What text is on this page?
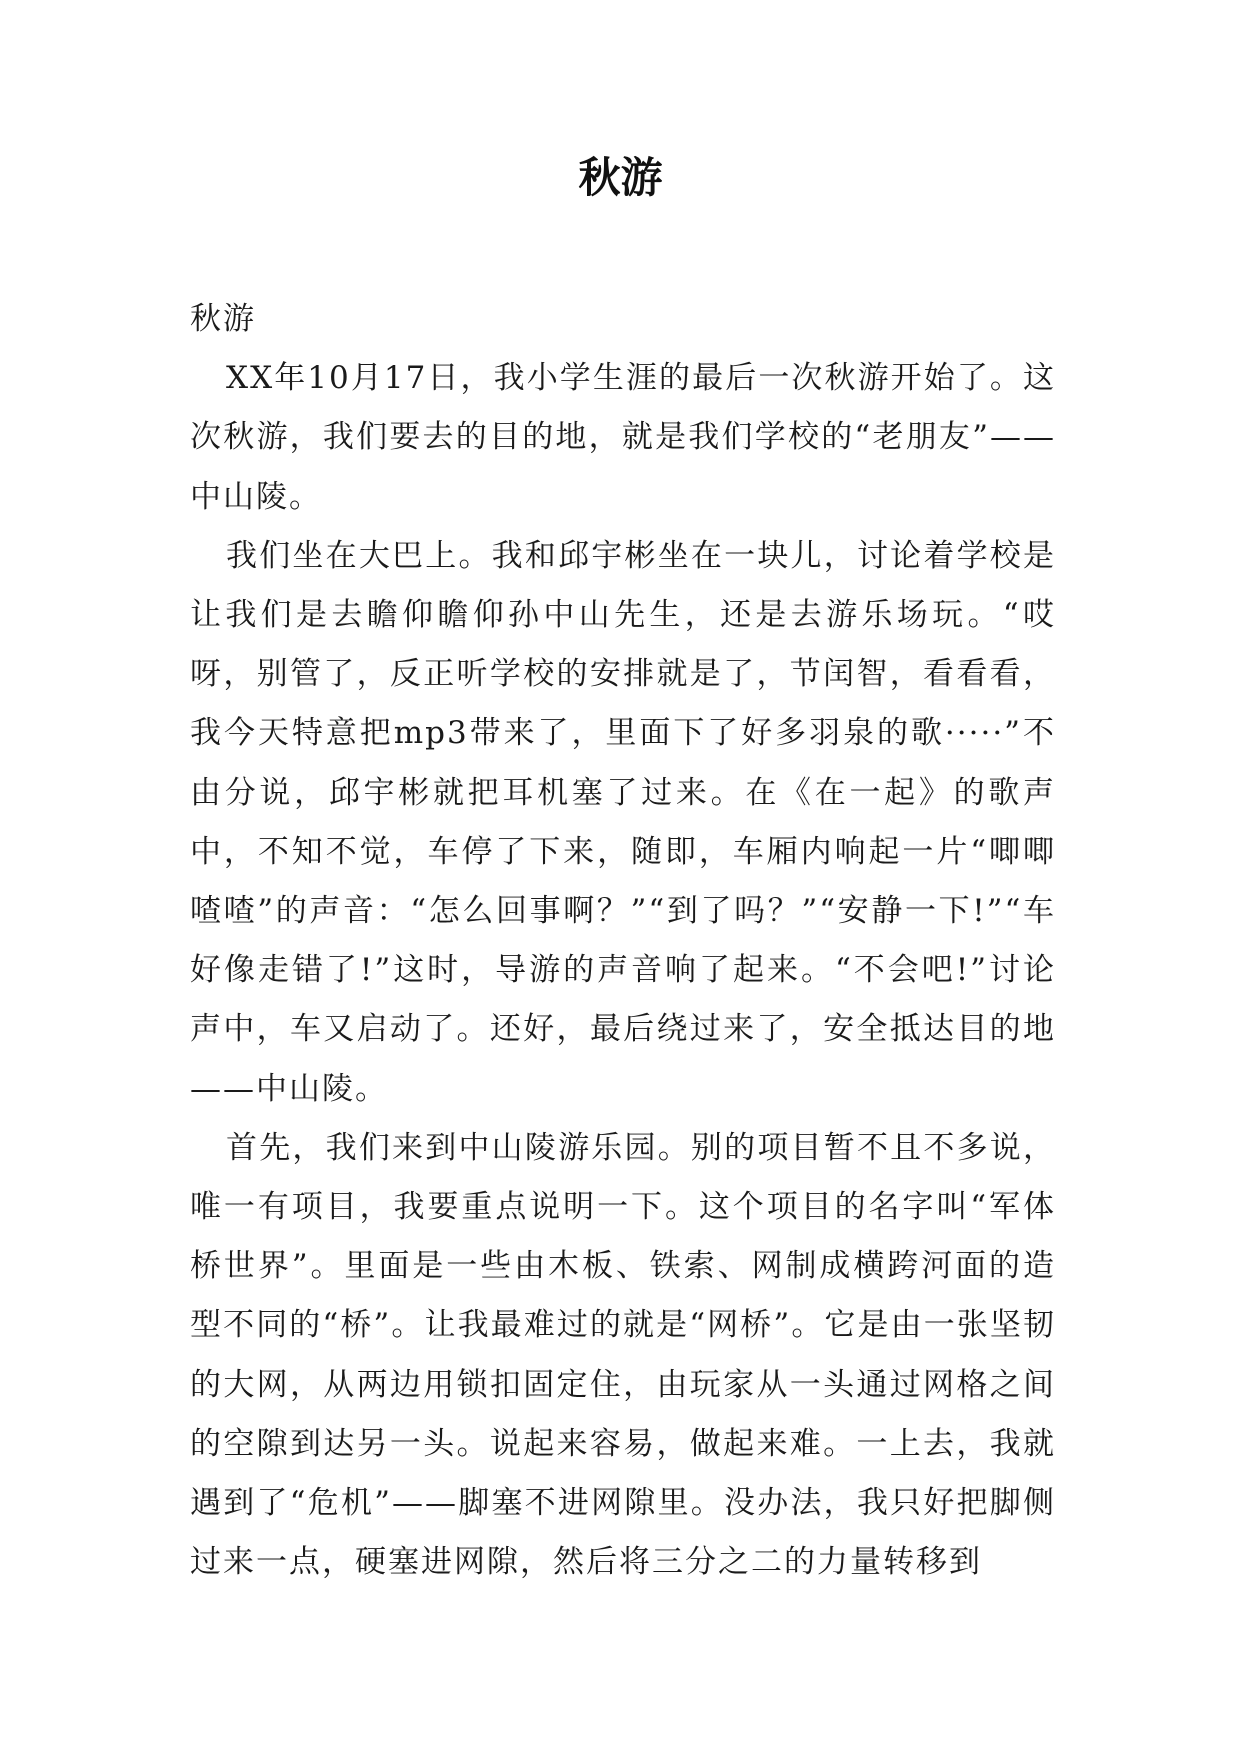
秋游

秋游

XX年10月17日，我小学生涯的最后一次秋游开始了。这次秋游，我们要去的目的地，就是我们学校的“老朋友”——中山陵。

我们坐在大巴上。我和邱宇彬坐在一块儿，讨论着学校是让我们是去瞻仰瞻仰孙中山先生，还是去游乐场玩。“哎呀，别管了，反正听学校的安排就是了，节闰智，看看看，我今天特意把mp3带来了，里面下了好多羽泉的歌·····”不由分说，邱宇彬就把耳机塞了过来。在《在一起》的歌声中，不知不觉，车停了下来，随即，车厢内响起一片“唧唧喳喳”的声音：“怎么回事啊？”“到了吗？”“安静一下!”“车好像走错了!”这时，导游的声音响了起来。“不会吧!”讨论声中，车又启动了。还好，最后绕过来了，安全抵达目的地——中山陵。

首先，我们来到中山陵游乐园。别的项目暂不且不多说，唯一有项目，我要重点说明一下。这个项目的名字叫“军体桥世界”。里面是一些由木板、铁索、网制成横跨河面的造型不同的“桥”。让我最难过的就是“网桥”。它是由一张坚韧的大网，从两边用锁扣固定住，由玩家从一头通过网格之间的空隙到达另一头。说起来容易，做起来难。一上去，我就遇到了“危机”——脚塞不进网隙里。没办法，我只好把脚侧过来一点，硬塞进网隙，然后将三分之二的力量转移到
